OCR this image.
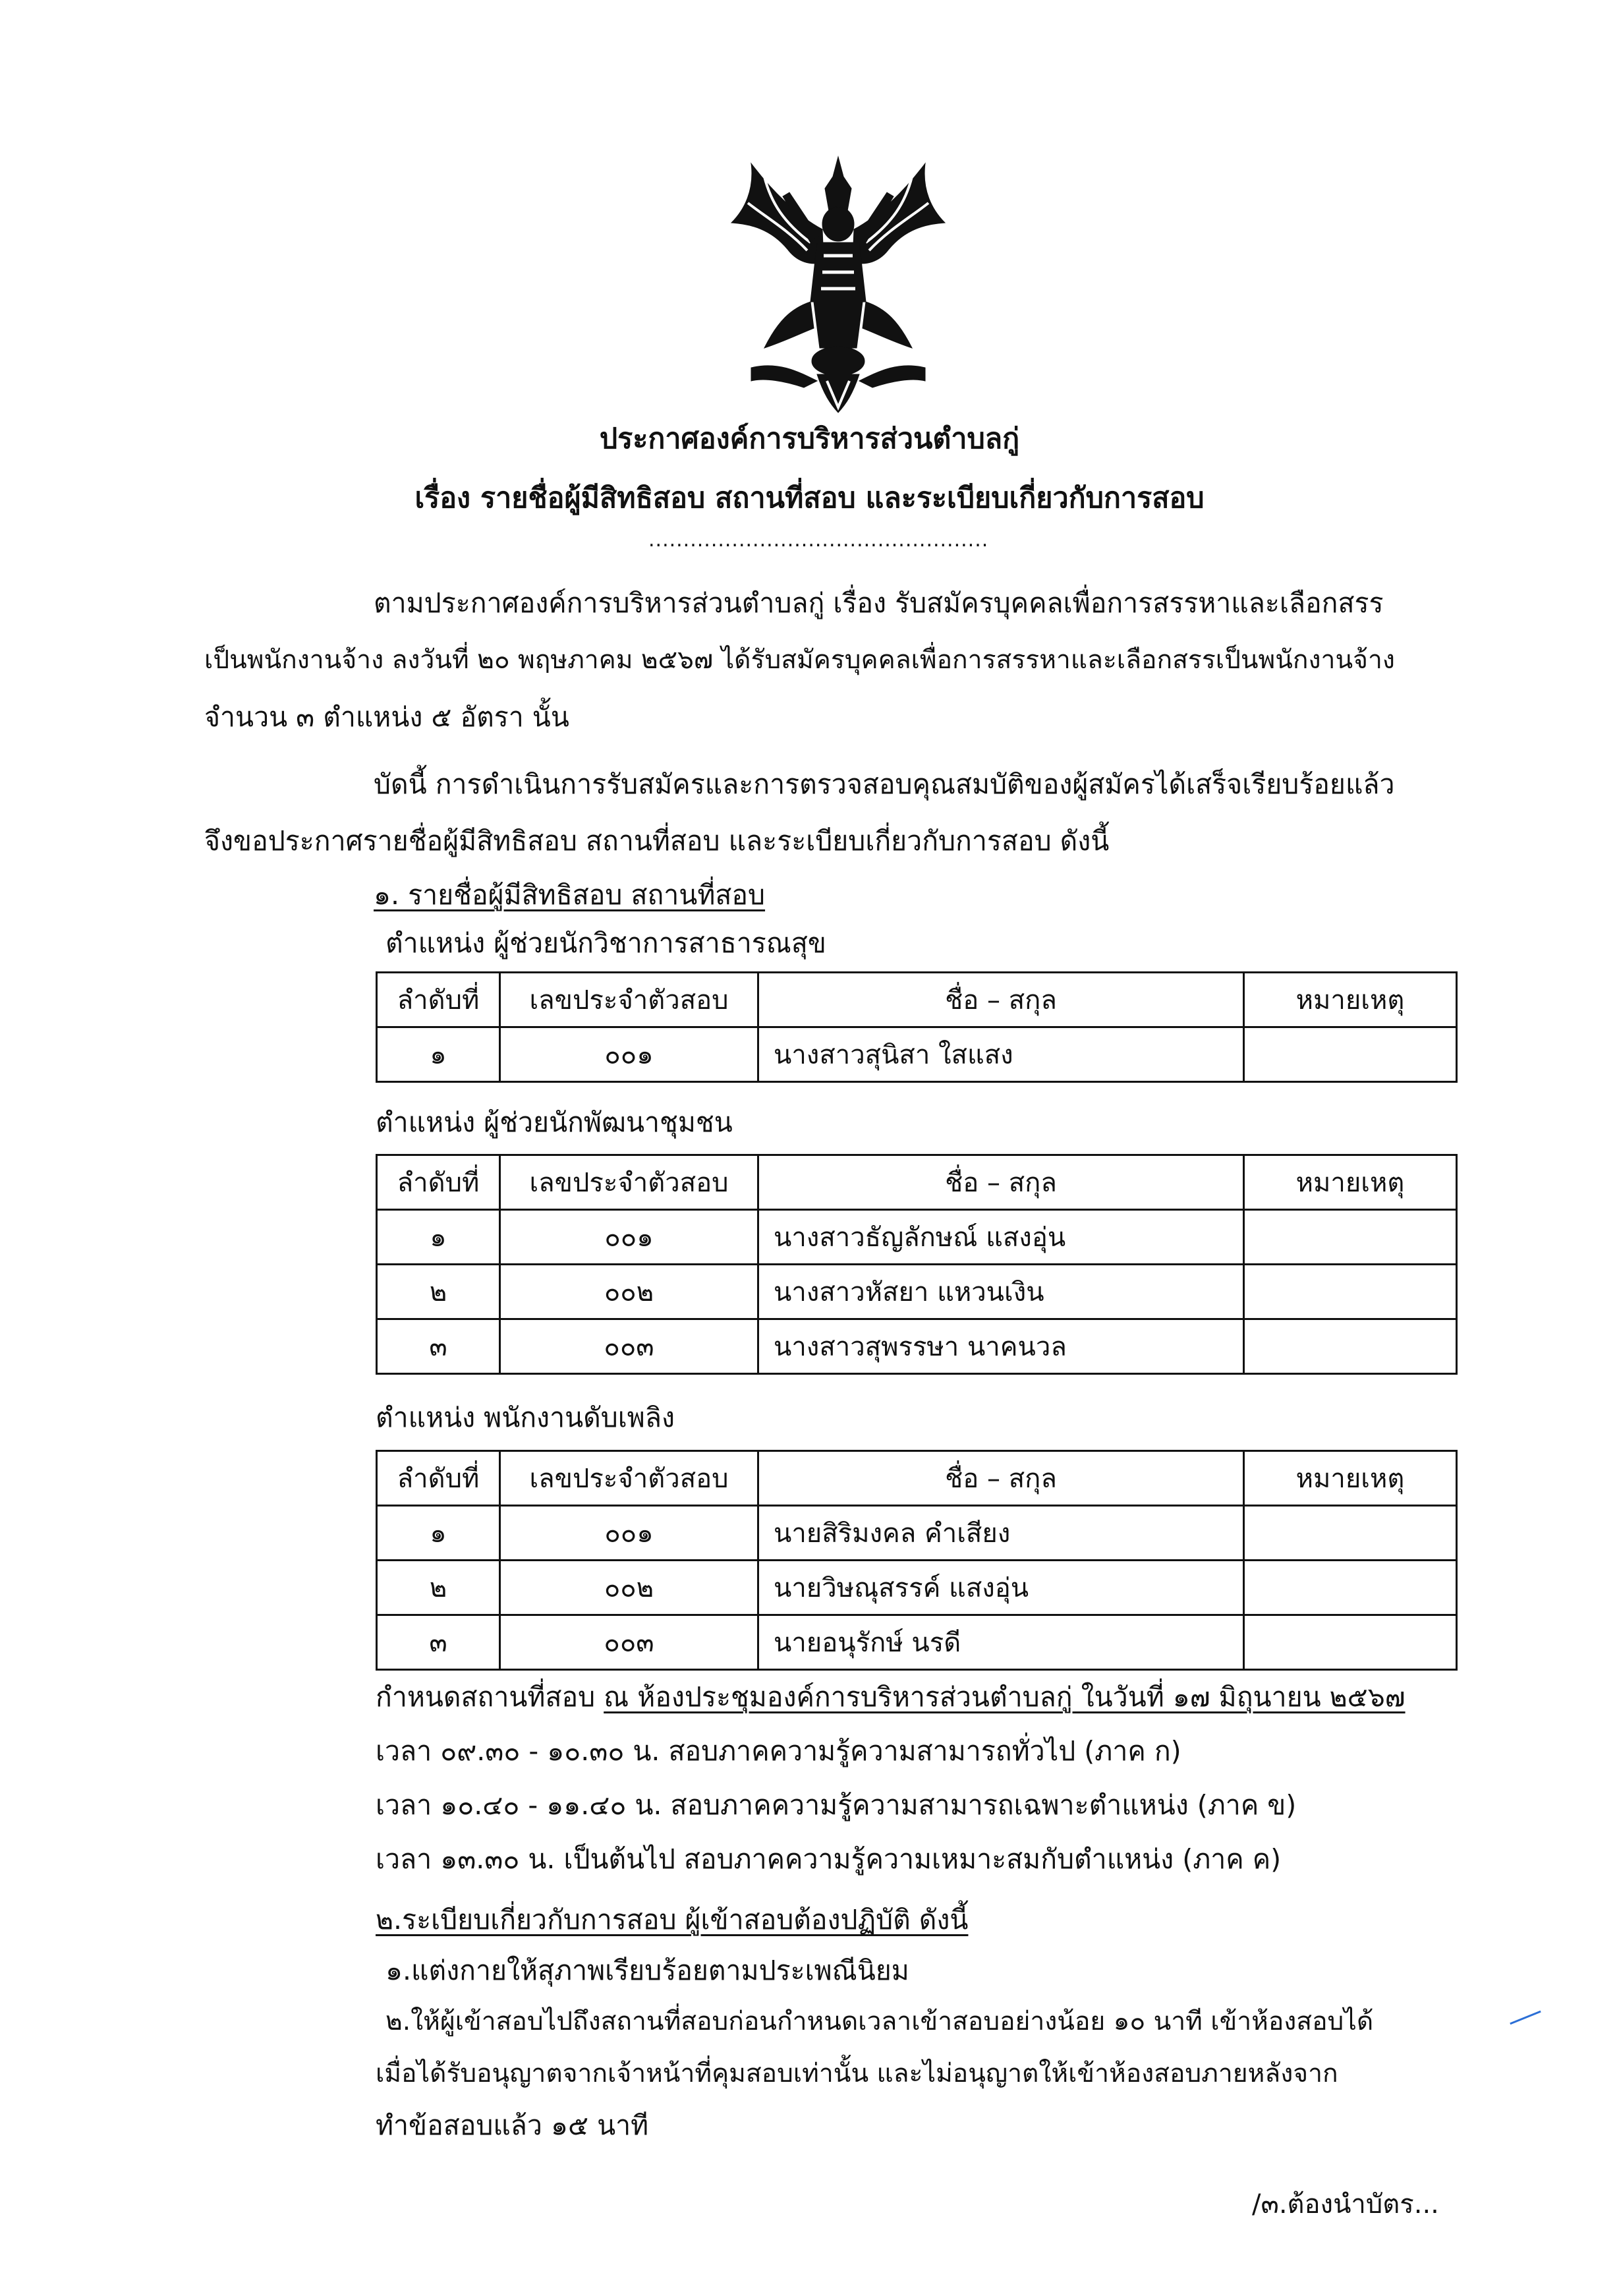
ประกาศองค์การบริหารส่วนตำบลกู่
เรื่อง รายชื่อผู้มีสิทธิสอบ สถานที่สอบ และระเบียบเกี่ยวกับการสอบ
.................................................
ตามประกาศองค์การบริหารส่วนตำบลกู่ เรื่อง รับสมัครบุคคลเพื่อการสรรหาและเลือกสรร
เป็นพนักงานจ้าง ลงวันที่ ๒๐ พฤษภาคม ๒๕๖๗ ได้รับสมัครบุคคลเพื่อการสรรหาและเลือกสรรเป็นพนักงานจ้าง
จำนวน ๓ ตำแหน่ง ๕ อัตรา นั้น
บัดนี้ การดำเนินการรับสมัครและการตรวจสอบคุณสมบัติของผู้สมัครได้เสร็จเรียบร้อยแล้ว
จึงขอประกาศรายชื่อผู้มีสิทธิสอบ สถานที่สอบ และระเบียบเกี่ยวกับการสอบ ดังนี้
๑. รายชื่อผู้มีสิทธิสอบ สถานที่สอบ
ตำแหน่ง ผู้ช่วยนักวิชาการสาธารณสุข
ลำดับที่	เลขประจำตัวสอบ	ชื่อ – สกุล	หมายเหตุ
๑	๐๐๑	นางสาวสุนิสา ใสแสง	
ตำแหน่ง ผู้ช่วยนักพัฒนาชุมชน
ลำดับที่	เลขประจำตัวสอบ	ชื่อ – สกุล	หมายเหตุ
๑	๐๐๑	นางสาวธัญลักษณ์ แสงอุ่น	
๒	๐๐๒	นางสาวหัสยา แหวนเงิน	
๓	๐๐๓	นางสาวสุพรรษา นาคนวล	
ตำแหน่ง พนักงานดับเพลิง
ลำดับที่	เลขประจำตัวสอบ	ชื่อ – สกุล	หมายเหตุ
๑	๐๐๑	นายสิริมงคล คำเสียง	
๒	๐๐๒	นายวิษณุสรรค์ แสงอุ่น	
๓	๐๐๓	นายอนุรักษ์ นรดี	
กำหนดสถานที่สอบ ณ ห้องประชุมองค์การบริหารส่วนตำบลกู่ ในวันที่ ๑๗ มิถุนายน ๒๕๖๗
เวลา ๐๙.๓๐ - ๑๐.๓๐ น. สอบภาคความรู้ความสามารถทั่วไป (ภาค ก)
เวลา ๑๐.๔๐ - ๑๑.๔๐ น. สอบภาคความรู้ความสามารถเฉพาะตำแหน่ง (ภาค ข)
เวลา ๑๓.๓๐ น. เป็นต้นไป สอบภาคความรู้ความเหมาะสมกับตำแหน่ง (ภาค ค)
๒.ระเบียบเกี่ยวกับการสอบ ผู้เข้าสอบต้องปฏิบัติ ดังนี้
๑.แต่งกายให้สุภาพเรียบร้อยตามประเพณีนิยม
๒.ให้ผู้เข้าสอบไปถึงสถานที่สอบก่อนกำหนดเวลาเข้าสอบอย่างน้อย ๑๐ นาที เข้าห้องสอบได้
เมื่อได้รับอนุญาตจากเจ้าหน้าที่คุมสอบเท่านั้น และไม่อนุญาตให้เข้าห้องสอบภายหลังจาก
ทำข้อสอบแล้ว ๑๕ นาที
/๓.ต้องนำบัตร...
